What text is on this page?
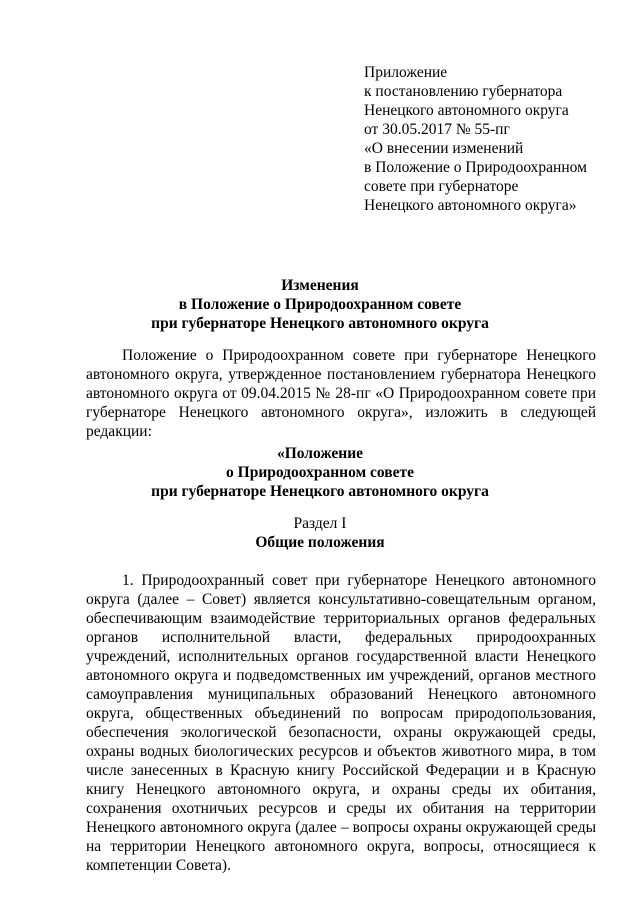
Приложение
к постановлению губернатора
Ненецкого автономного округа
от 30.05.2017 № 55-пг
«О внесении изменений
в Положение о Природоохранном
совете при губернаторе
Ненецкого автономного округа»
Изменения
в Положение о Природоохранном совете
при губернаторе Ненецкого автономного округа

Положение о Природоохранном совете при губернаторе Ненецкого автономного округа, утвержденное постановлением губернатора Ненецкого автономного округа от 09.04.2015 № 28-пг «О Природоохранном совете при губернаторе Ненецкого автономного округа», изложить в следующей редакции:

«Положение
о Природоохранном совете
при губернаторе Ненецкого автономного округа
Раздел I
Общие положения

1. Природоохранный совет при губернаторе Ненецкого автономного округа (далее – Совет) является консультативно-совещательным органом, обеспечивающим взаимодействие территориальных органов федеральных органов исполнительной власти, федеральных природоохранных учреждений, исполнительных органов государственной власти Ненецкого автономного округа и подведомственных им учреждений, органов местного самоуправления муниципальных образований Ненецкого автономного округа, общественных объединений по вопросам природопользования, обеспечения экологической безопасности, охраны окружающей среды, охраны водных биологических ресурсов и объектов животного мира, в том числе занесенных в Красную книгу Российской Федерации и в Красную книгу Ненецкого автономного округа, и охраны среды их обитания, сохранения охотничьих ресурсов и среды их обитания на территории Ненецкого автономного округа (далее – вопросы охраны окружающей среды на территории Ненецкого автономного округа, вопросы, относящиеся к компетенции Совета).
